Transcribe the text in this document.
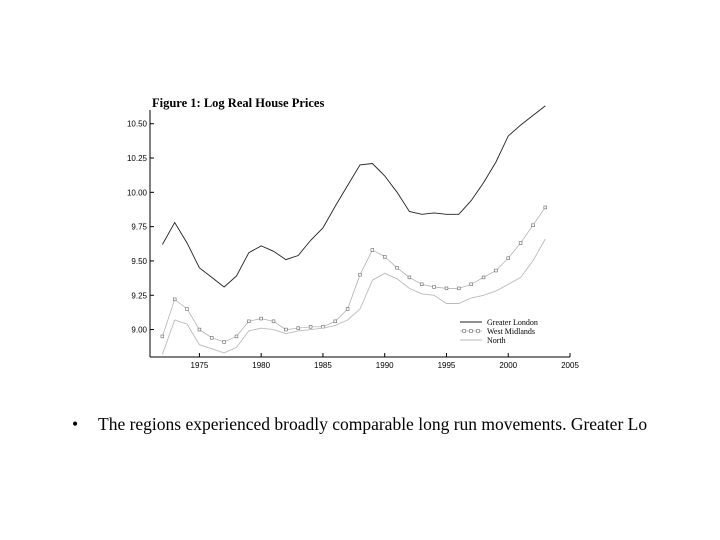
Figure 1: Log Real House Prices
9.00
9.25
9.50
9.75
10.00
10.25
10.50
1975	1980	1985	1990	1995	2000	2005
Greater London
West Midlands
North
• The regions experienced broadly comparable long run movements. Greater Lo
